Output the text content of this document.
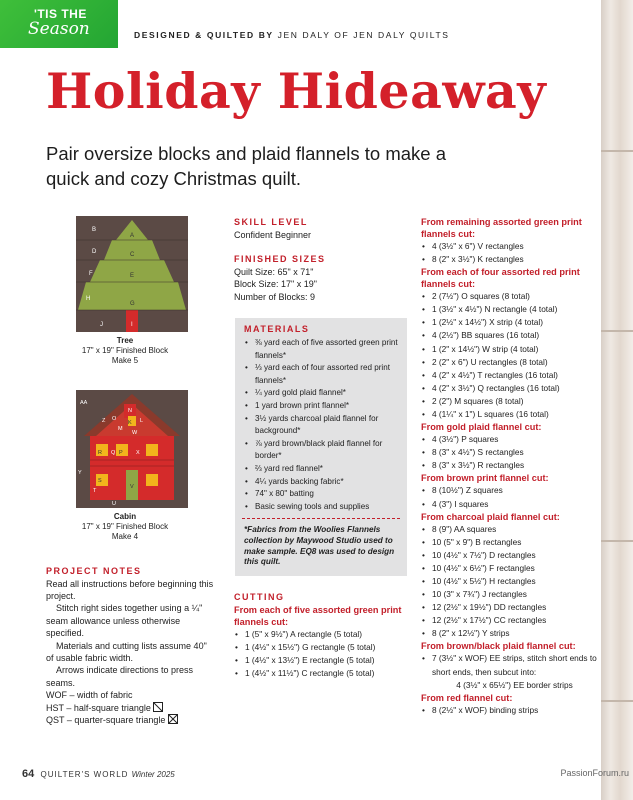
'TIS THE
Season	DESIGNED & QUILTED BY JEN DALY OF JEN DALY QUILTS
Holiday Hideaway

Pair oversize blocks and plaid flannels to make a quick and cozy Christmas quilt.

B
A
D	C
F	E
H
G
J	I
Tree
17" x 19" Finished Block
Make 5
AA
Z O
N
K L
W
M
R Q P X
Y
S
T
V
U
Cabin
17" x 19" Finished Block
Make 4
PROJECT NOTES

Read all instructions before beginning this project.

Stitch right sides together using a ¼" seam allowance unless otherwise specified.

Materials and cutting lists assume 40" of usable fabric width.

Arrows indicate directions to press seams.

WOF – width of fabric

HST – half-square triangle

QST – quarter-square triangle

SKILL LEVEL
Confident Beginner
FINISHED SIZES
Quilt Size: 65" x 71"
Block Size: 17" x 19"
Number of Blocks: 9
MATERIALS
• ⅜ yard each of five assorted green print flannels*
• ⅓ yard each of four assorted red print flannels*
• ¼ yard gold plaid flannel*
• 1 yard brown print flannel*
• 3½ yards charcoal plaid flannel for background*
• ⅞ yard brown/black plaid flannel for border*
• ⅔ yard red flannel*
• 4¼ yards backing fabric*
• 74" x 80" batting
• Basic sewing tools and supplies
*Fabrics from the Woolies Flannels collection by Maywood Studio used to make sample. EQ8 was used to design this quilt.
CUTTING
From each of five assorted green print flannels cut:
• 1 (5" x 9½") A rectangle (5 total)
• 1 (4½" x 15½") G rectangle (5 total)
• 1 (4½" x 13½") E rectangle (5 total)
• 1 (4½" x 11½") C rectangle (5 total)
From remaining assorted green print flannels cut:
• 4 (3½" x 6") V rectangles
• 8 (2" x 3½") K rectangles
From each of four assorted red print flannels cut:
• 2 (7½") O squares (8 total)
• 1 (3½" x 4½") N rectangle (4 total)
• 1 (2½" x 14½") X strip (4 total)
• 4 (2½") BB squares (16 total)
• 1 (2" x 14½") W strip (4 total)
• 2 (2" x 6") U rectangles (8 total)
• 4 (2" x 4½") T rectangles (16 total)
• 4 (2" x 3½") Q rectangles (16 total)
• 2 (2") M squares (8 total)
• 4 (1¼" x 1") L squares (16 total)
From gold plaid flannel cut:
• 4 (3½") P squares
• 8 (3" x 4½") S rectangles
• 8 (3" x 3½") R rectangles
From brown print flannel cut:
• 8 (10½") Z squares
• 4 (3") I squares
From charcoal plaid flannel cut:
• 8 (9") AA squares
• 10 (5" x 9") B rectangles
• 10 (4½" x 7½") D rectangles
• 10 (4½" x 6½") F rectangles
• 10 (4½" x 5½") H rectangles
• 10 (3" x 7¾") J rectangles
• 12 (2½" x 19½") DD rectangles
• 12 (2½" x 17½") CC rectangles
• 8 (2" x 12½") Y strips
From brown/black plaid flannel cut:
• 7 (3½" x WOF) EE strips, stitch short ends to short ends, then subcut into:
4 (3½" x 65½") EE border strips
From red flannel cut:
• 8 (2½" x WOF) binding strips
64 QUILTER'S WORLD Winter 2025	PassionForum.ru
